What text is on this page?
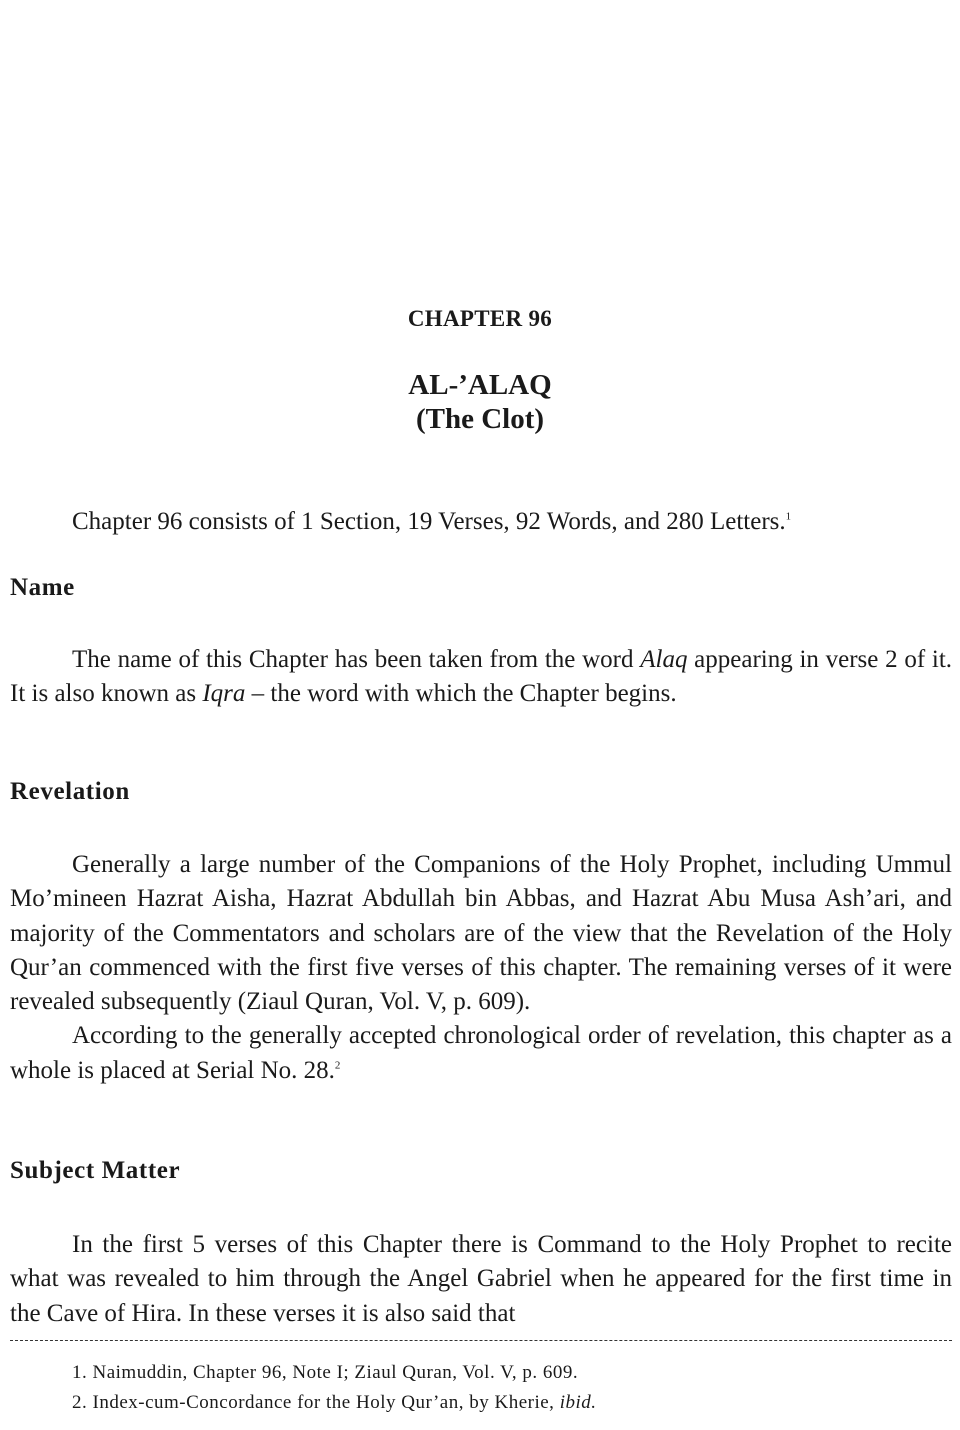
CHAPTER 96
AL-’ALAQ
(The Clot)
Chapter 96 consists of 1 Section, 19 Verses, 92 Words, and 280 Letters.$^1$
Name
The name of this Chapter has been taken from the word Alaq appearing in verse 2 of it. It is also known as Iqra – the word with which the Chapter begins.
Revelation

Generally a large number of the Companions of the Holy Prophet, including Ummul Mo’mineen Hazrat Aisha, Hazrat Abdullah bin Abbas, and Hazrat Abu Musa Ash’ari, and majority of the Commentators and scholars are of the view that the Revelation of the Holy Qur’an commenced with the first five verses of this chapter. The remaining verses of it were revealed subsequently (Ziaul Quran, Vol. V, p. 609).

According to the generally accepted chronological order of revelation, this chapter as a whole is placed at Serial No. 28.$^2$

Subject Matter
In the first 5 verses of this Chapter there is Command to the Holy Prophet to recite what was revealed to him through the Angel Gabriel when he appeared for the first time in the Cave of Hira. In these verses it is also said that
1. Naimuddin, Chapter 96, Note I; Ziaul Quran, Vol. V, p. 609.
2. Index-cum-Concordance for the Holy Qur’an, by Kherie, ibid.
